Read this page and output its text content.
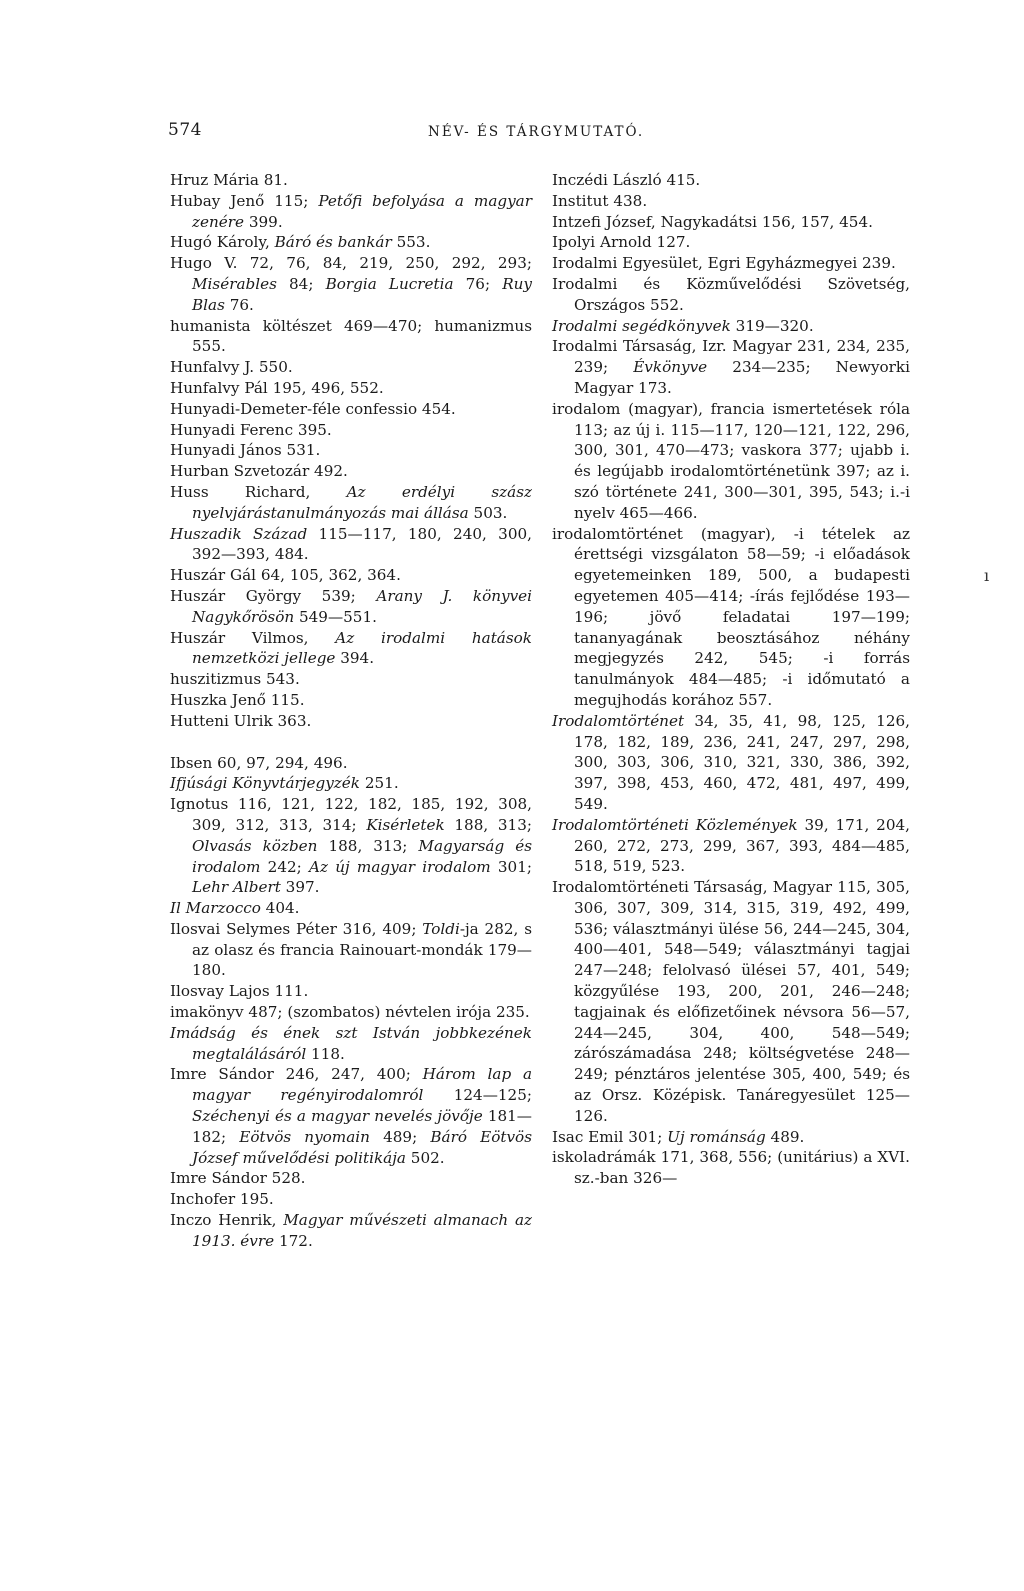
574	NÉV- ÉS TÁRGYMUTATÓ.
Hruz Mária 81.
Hubay Jenő 115; Petőfi befolyása a magyar zenére 399.
Hugó Károly, Báró és bankár 553.
Hugo V. 72, 76, 84, 219, 250, 292, 293; Misérables 84; Borgia Lucretia 76; Ruy Blas 76.
humanista költészet 469—470; humanizmus 555.
Hunfalvy J. 550.
Hunfalvy Pál 195, 496, 552.
Hunyadi-Demeter-féle confessio 454.
Hunyadi Ferenc 395.
Hunyadi János 531.
Hurban Szvetozár 492.
Huss Richard, Az erdélyi szász nyelvjárástanulmányozás mai állása 503.
Huszadik Század 115—117, 180, 240, 300, 392—393, 484.
Huszár Gál 64, 105, 362, 364.
Huszár György 539; Arany J. könyvei Nagykőrösön 549—551.
Huszár Vilmos, Az irodalmi hatások nemzetközi jellege 394.
huszitizmus 543.
Huszka Jenő 115.
Hutteni Ulrik 363.
Ibsen 60, 97, 294, 496.
Ifjúsági Könyvtárjegyzék 251.
Ignotus 116, 121, 122, 182, 185, 192, 308, 309, 312, 313, 314; Kisérletek 188, 313; Olvasás közben 188, 313; Magyarság és irodalom 242; Az új magyar irodalom 301; Lehr Albert 397.
Il Marzocco 404.
Ilosvai Selymes Péter 316, 409; Toldi-ja 282, s az olasz és francia Rainouart-mondák 179—180.
Ilosvay Lajos 111.
imakönyv 487; (szombatos) névtelen irója 235.
Imádság és ének szt István jobbkezének megtalálásáról 118.
Imre Sándor 246, 247, 400; Három lap a magyar regényirodalomról 124—125; Széchenyi és a magyar nevelés jövője 181—182; Eötvös nyomain 489; Báró Eötvös József művelődési politikája 502.
Imre Sándor 528.
Inchofer 195.
Inczo Henrik, Magyar művészeti almanach az 1913. évre 172.
Inczédi László 415.
Institut 438.
Intzefi József, Nagykadátsi 156, 157, 454.
Ipolyi Arnold 127.
Irodalmi Egyesület, Egri Egyházmegyei 239.
Irodalmi és Közművelődési Szövetség, Országos 552.
Irodalmi segédkönyvek 319—320.
Irodalmi Társaság, Izr. Magyar 231, 234, 235, 239; Évkönyve 234—235; Newyorki Magyar 173.
irodalom (magyar), francia ismertetések róla 113; az új i. 115—117, 120—121, 122, 296, 300, 301, 470—473; vaskora 377; ujabb i. és legújabb irodalomtörténetünk 397; az i. szó története 241, 300—301, 395, 543; i.-i nyelv 465—466.
irodalomtörténet (magyar), -i tételek az érettségi vizsgálaton 58—59; -i előadások egyetemeinken 189, 500, a budapesti egyetemen 405—414; -írás fejlődése 193—196; jövő feladatai 197—199; tananyagának beosztásához néhány megjegyzés 242, 545; -i forrás tanulmányok 484—485; -i időmutató a megujhodás korához 557.
Irodalomtörténet 34, 35, 41, 98, 125, 126, 178, 182, 189, 236, 241, 247, 297, 298, 300, 303, 306, 310, 321, 330, 386, 392, 397, 398, 453, 460, 472, 481, 497, 499, 549.
Irodalomtörténeti Közlemények 39, 171, 204, 260, 272, 273, 299, 367, 393, 484—485, 518, 519, 523.
Irodalomtörténeti Társaság, Magyar 115, 305, 306, 307, 309, 314, 315, 319, 492, 499, 536; választmányi ülése 56, 244—245, 304, 400—401, 548—549; választmányi tagjai 247—248; felolvasó ülései 57, 401, 549; közgyűlése 193, 200, 201, 246—248; tagjainak és előfizetőinek névsora 56—57, 244—245, 304, 400, 548—549; zárószámadása 248; költségvetése 248—249; pénztáros jelentése 305, 400, 549; és az Orsz. Középisk. Tanáregyesület 125—126.
Isac Emil 301; Uj románság 489.
iskoladrámák 171, 368, 556; (unitárius) a XVI. sz.-ban 326—
ı
